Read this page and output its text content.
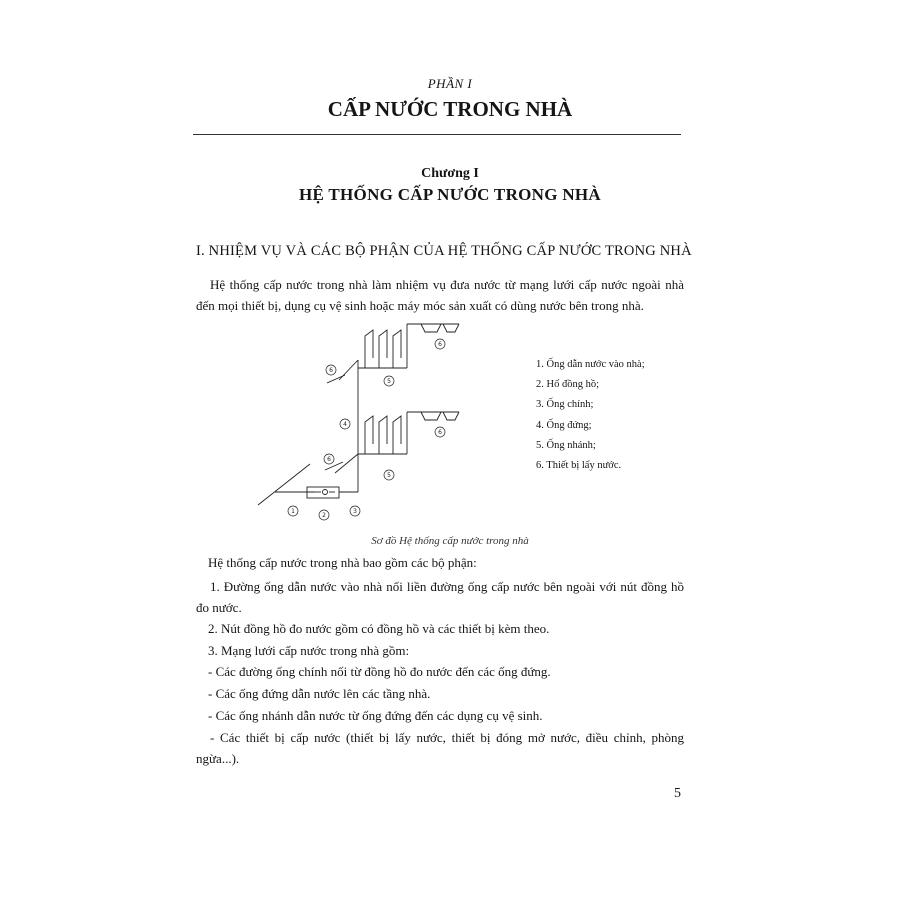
PHẦN I
CẤP NƯỚC TRONG NHÀ
Chương I
HỆ THỐNG CẤP NƯỚC TRONG NHÀ
I. NHIỆM VỤ VÀ CÁC BỘ PHẬN CỦA HỆ THỐNG CẤP NƯỚC TRONG NHÀ
Hệ thống cấp nước trong nhà làm nhiệm vụ đưa nước từ mạng lưới cấp nước ngoài nhà đến mọi thiết bị, dụng cụ vệ sinh hoặc máy móc sản xuất có dùng nước bên trong nhà.
1
2
3
4
5
5
6
6
6
6
1. Ống dẫn nước vào nhà;
2. Hố đồng hồ;
3. Ống chính;
4. Ống đứng;
5. Ống nhánh;
6. Thiết bị lấy nước.
Sơ đồ Hệ thống cấp nước trong nhà
Hệ thống cấp nước trong nhà bao gồm các bộ phận:
1. Đường ống dẫn nước vào nhà nối liền đường ống cấp nước bên ngoài với nút đồng hồ đo nước.
2. Nút đồng hồ đo nước gồm có đồng hồ và các thiết bị kèm theo.
3. Mạng lưới cấp nước trong nhà gồm:
- Các đường ống chính nối từ đồng hồ đo nước đến các ống đứng.
- Các ống đứng dẫn nước lên các tầng nhà.
- Các ống nhánh dẫn nước từ ống đứng đến các dụng cụ vệ sinh.
- Các thiết bị cấp nước (thiết bị lấy nước, thiết bị đóng mở nước, điều chỉnh, phòng ngừa...).
5
